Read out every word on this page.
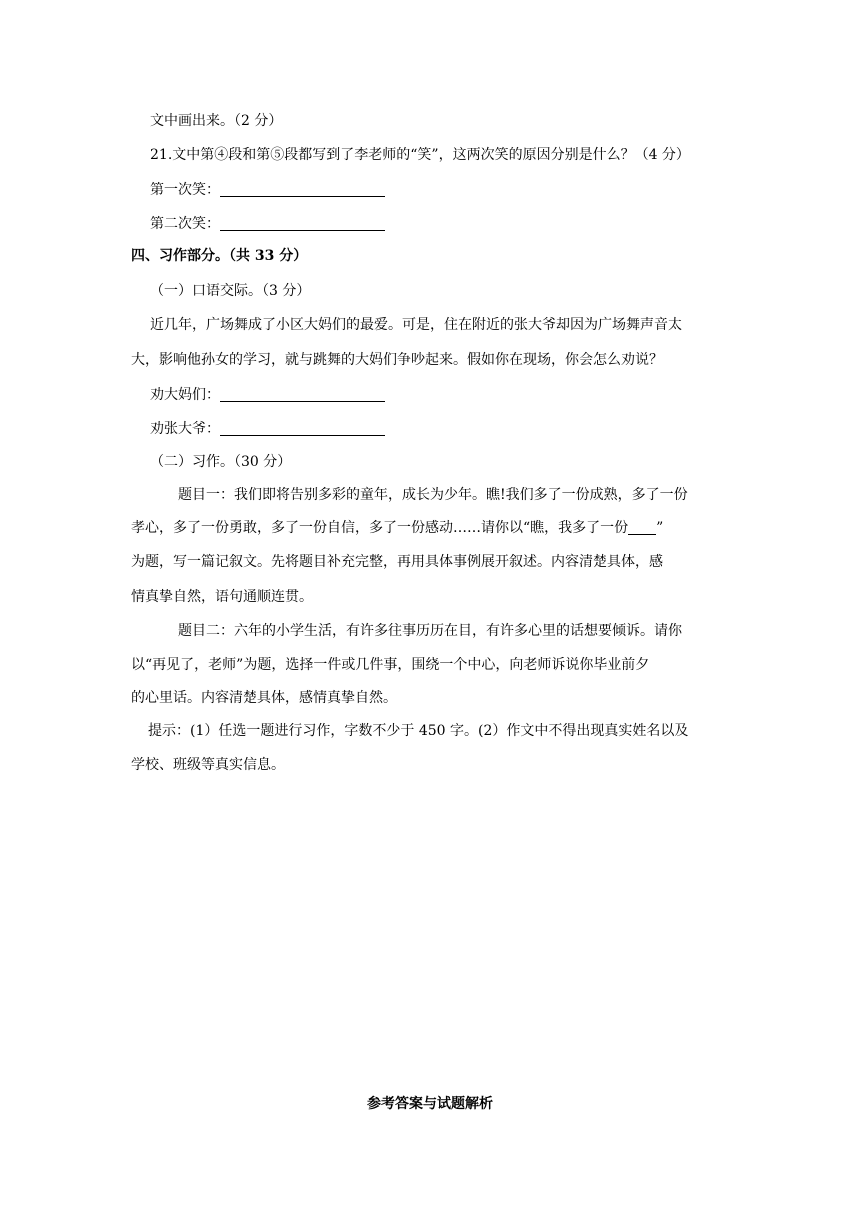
文中画出来。（2 分）
21.文中第④段和第⑤段都写到了李老师的“笑”，这两次笑的原因分别是什么？（4 分）
第一次笑：
第二次笑：
四、习作部分。（共 33 分）
（一）口语交际。（3 分）
近几年，广场舞成了小区大妈们的最爱。可是，住在附近的张大爷却因为广场舞声音太
大，影响他孙女的学习，就与跳舞的大妈们争吵起来。假如你在现场，你会怎么劝说？
劝大妈们：
劝张大爷：
（二）习作。（30 分）
题目一：我们即将告别多彩的童年，成长为少年。瞧!我们多了一份成熟，多了一份
孝心，多了一份勇敢，多了一份自信，多了一份感动……请你以“瞧，我多了一份 ”
为题，写一篇记叙文。先将题目补充完整，再用具体事例展开叙述。内容清楚具体，感
情真挚自然，语句通顺连贯。
题目二：六年的小学生活，有许多往事历历在目，有许多心里的话想要倾诉。请你
以“再见了，老师”为题，选择一件或几件事，围绕一个中心，向老师诉说你毕业前夕
的心里话。内容清楚具体，感情真挚自然。
提示：(1）任选一题进行习作，字数不少于 450 字。(2）作文中不得出现真实姓名以及
学校、班级等真实信息。
参考答案与试题解析
